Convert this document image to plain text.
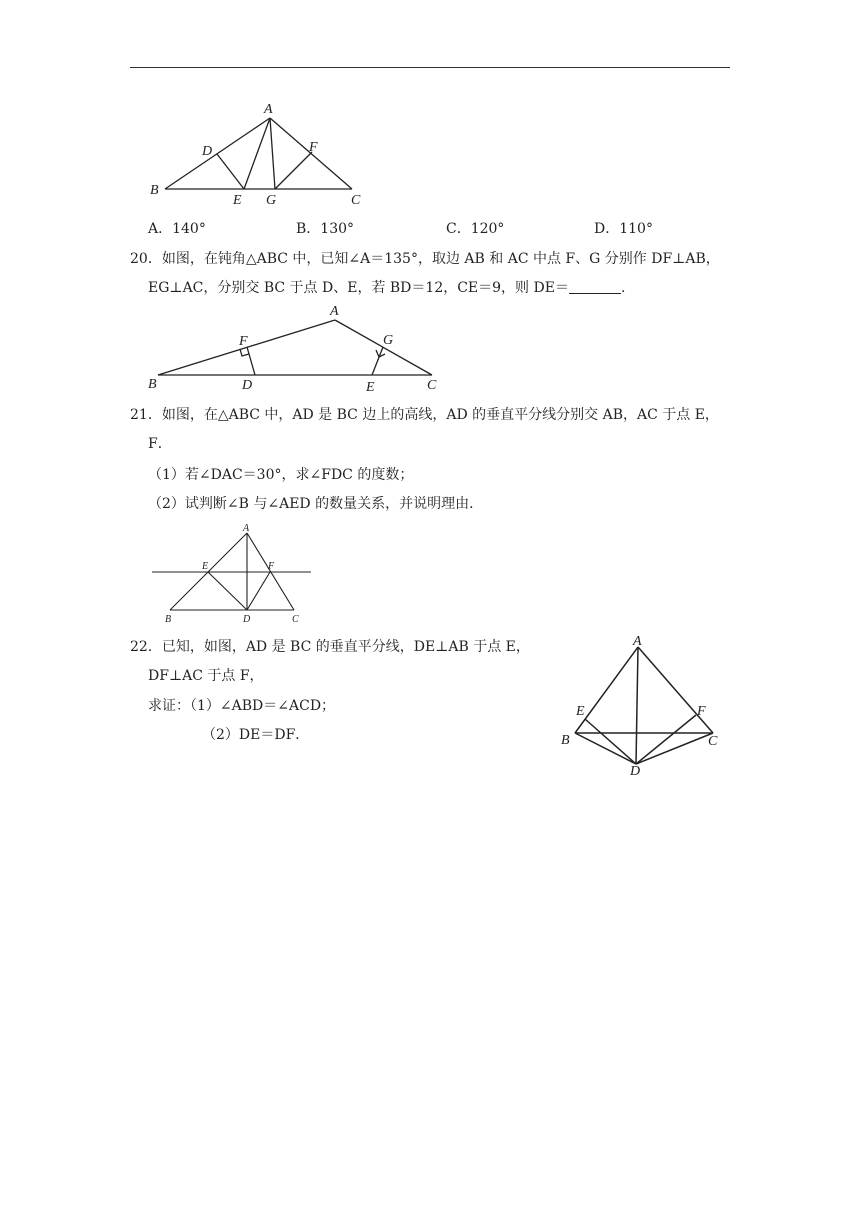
A
B
C
D
E
F
G
A．140°	B．130°	C．120°	D．110°
20．如图，在钝角△ABC 中，已知∠A＝135°，取边 AB 和 AC 中点 F、G 分别作 DF⊥AB，
EG⊥AC，分别交 BC 于点 D、E，若 BD＝12，CE＝9，则 DE＝	.
A
B	C
D	E
F	G
21．如图，在△ABC 中，AD 是 BC 边上的高线，AD 的垂直平分线分别交 AB，AC 于点 E，
F．
（1）若∠DAC＝30°，求∠FDC 的度数；
（2）试判断∠B 与∠AED 的数量关系，并说明理由．
A
B	C
D
E	F
22．已知，如图，AD 是 BC 的垂直平分线，DE⊥AB 于点 E，
DF⊥AC 于点 F，
求证：（1）∠ABD＝∠ACD；
（2）DE＝DF．
A
B	C
D
E	F
